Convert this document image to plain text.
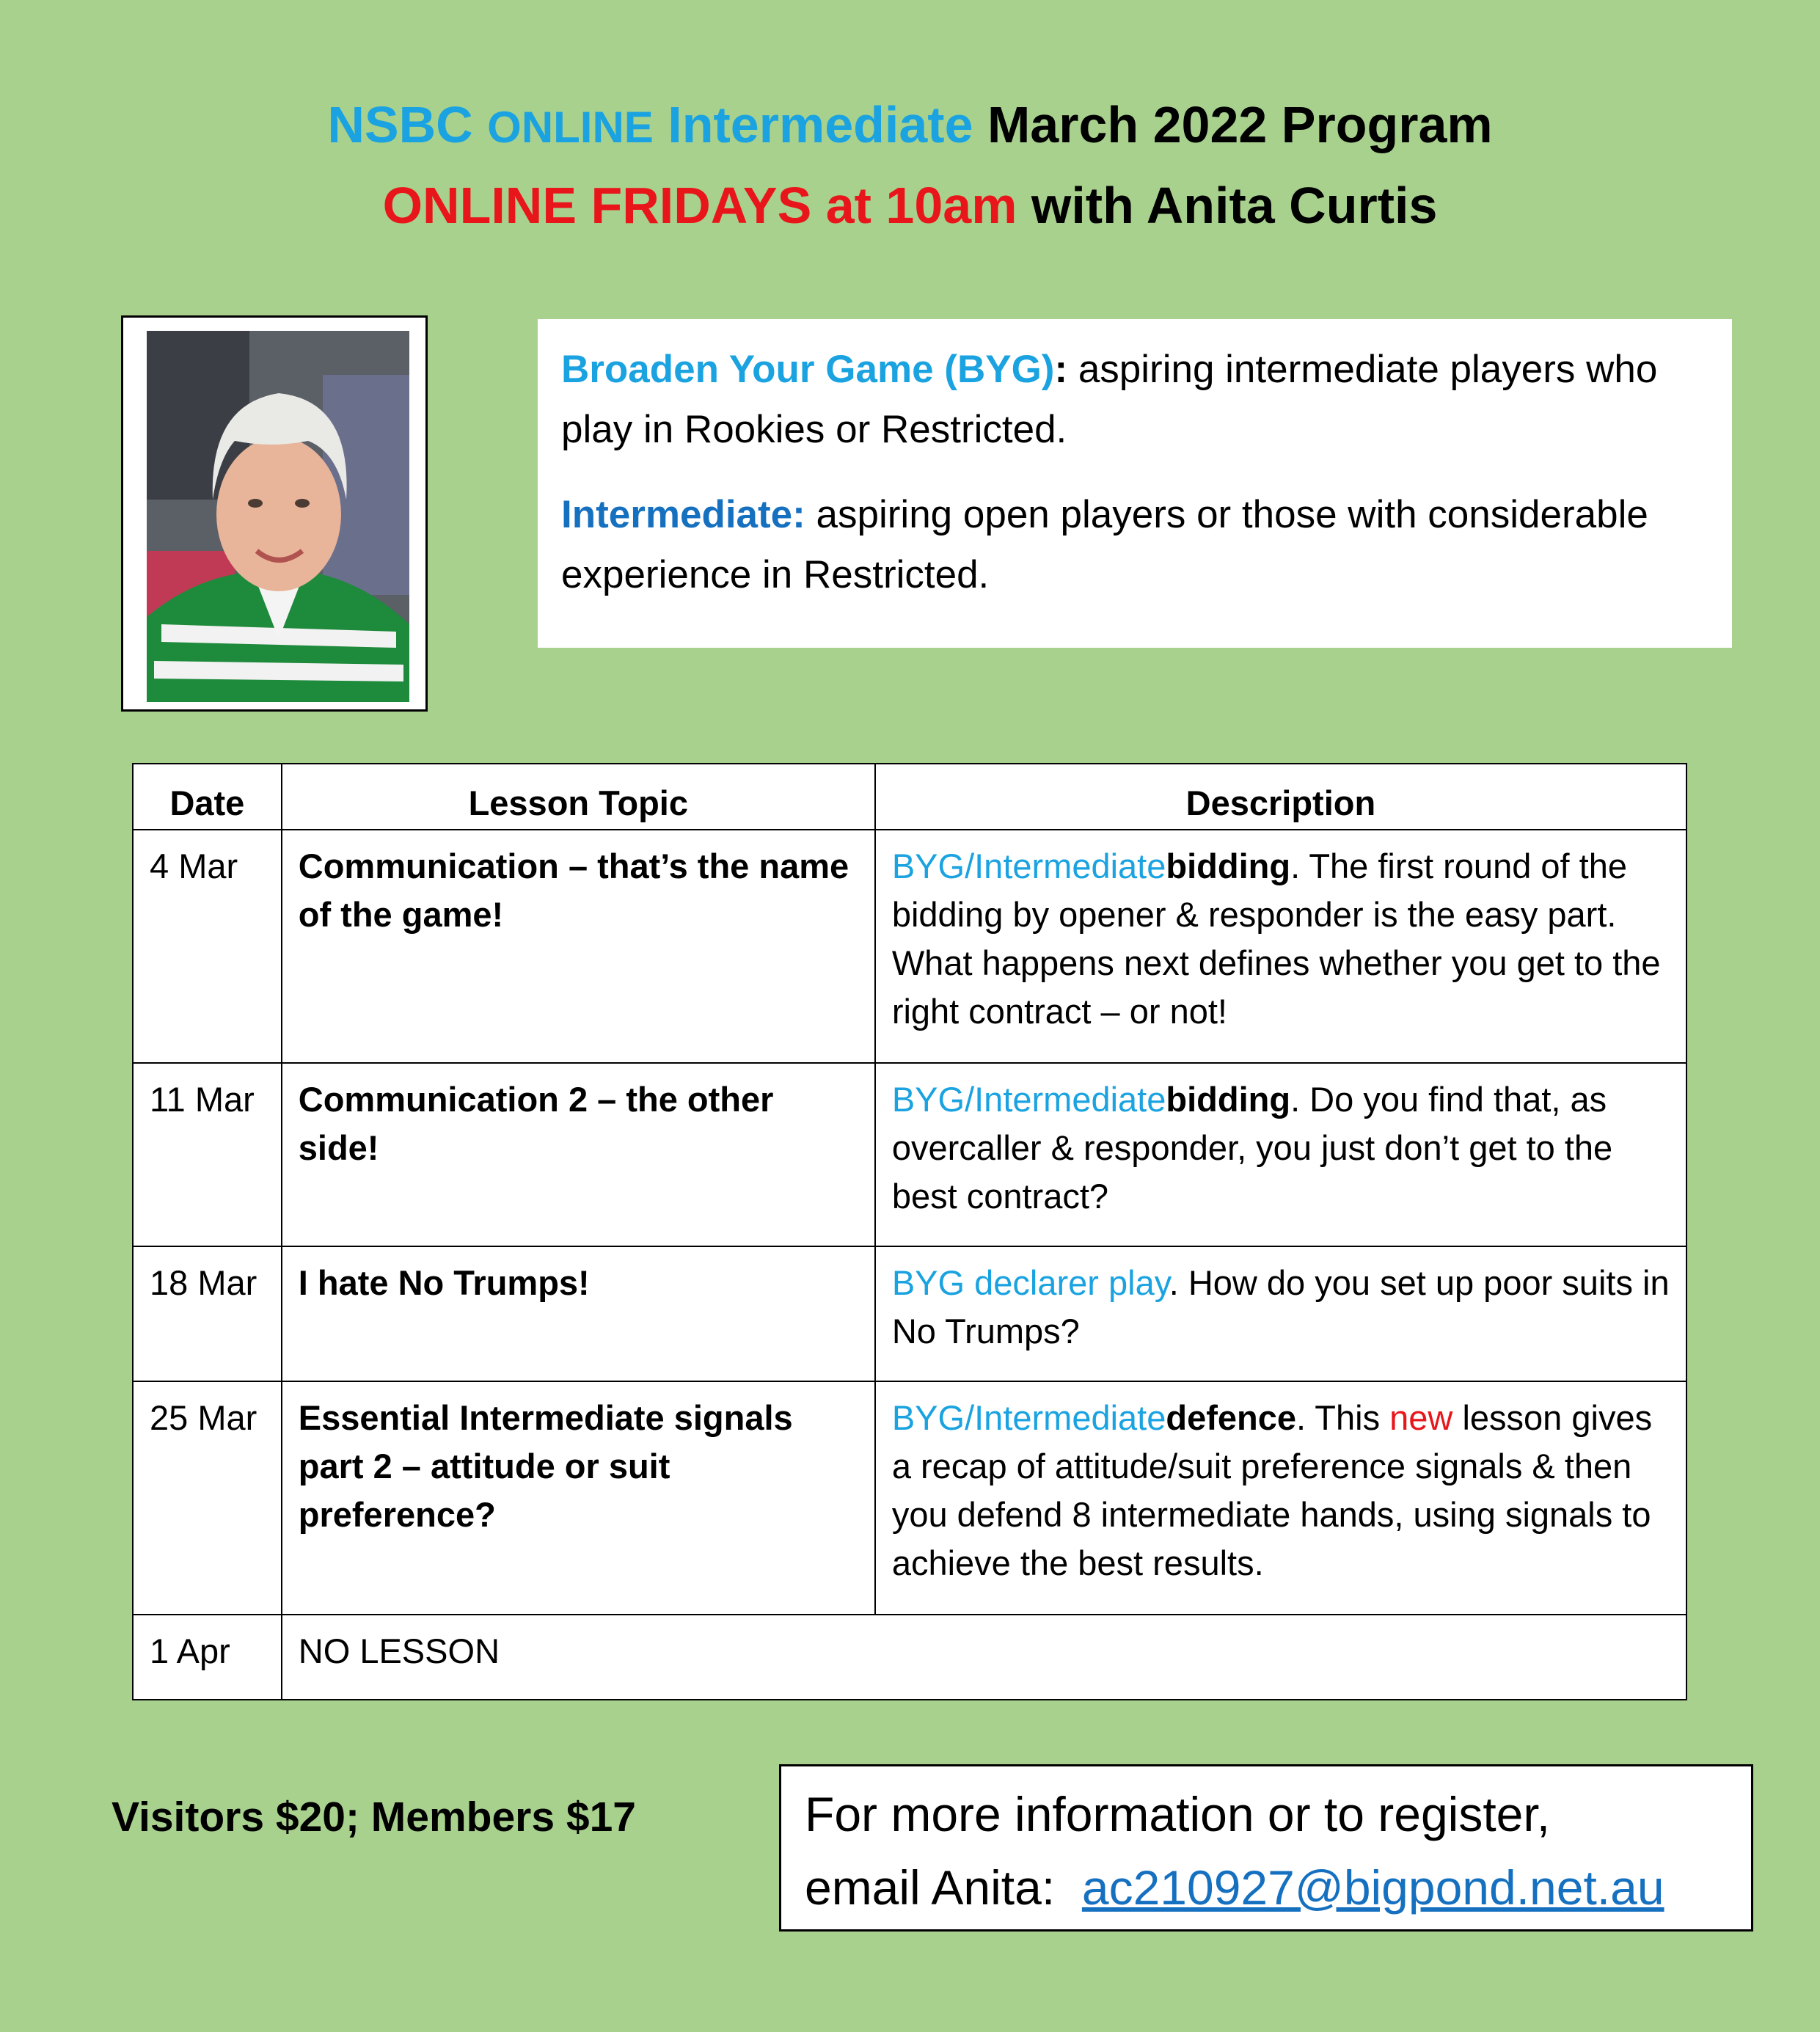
NSBC ONLINE Intermediate March 2022 Program
ONLINE FRIDAYS at 10am with Anita Curtis

Broaden Your Game (BYG): aspiring intermediate players who play in Rookies or Restricted.

Intermediate: aspiring open players or those with considerable experience in Restricted.

Date	Lesson Topic	Description
4 Mar	Communication – that’s the name of the game!	BYG/Intermediatebidding. The first round of the bidding by opener & responder is the easy part. What happens next defines whether you get to the right contract – or not!
11 Mar	Communication 2 – the other side!	BYG/Intermediatebidding. Do you find that, as overcaller & responder, you just don’t get to the best contract?
18 Mar	I hate No Trumps!	BYG declarer play. How do you set up poor suits in No Trumps?
25 Mar	Essential Intermediate signals part 2 – attitude or suit preference?	BYG/Intermediatedefence. This new lesson gives a recap of attitude/suit preference signals & then you defend 8 intermediate hands, using signals to achieve the best results.
1 Apr	NO LESSON	
Visitors $20; Members $17	For more information or to register,
email Anita: ac210927@bigpond.net.au
